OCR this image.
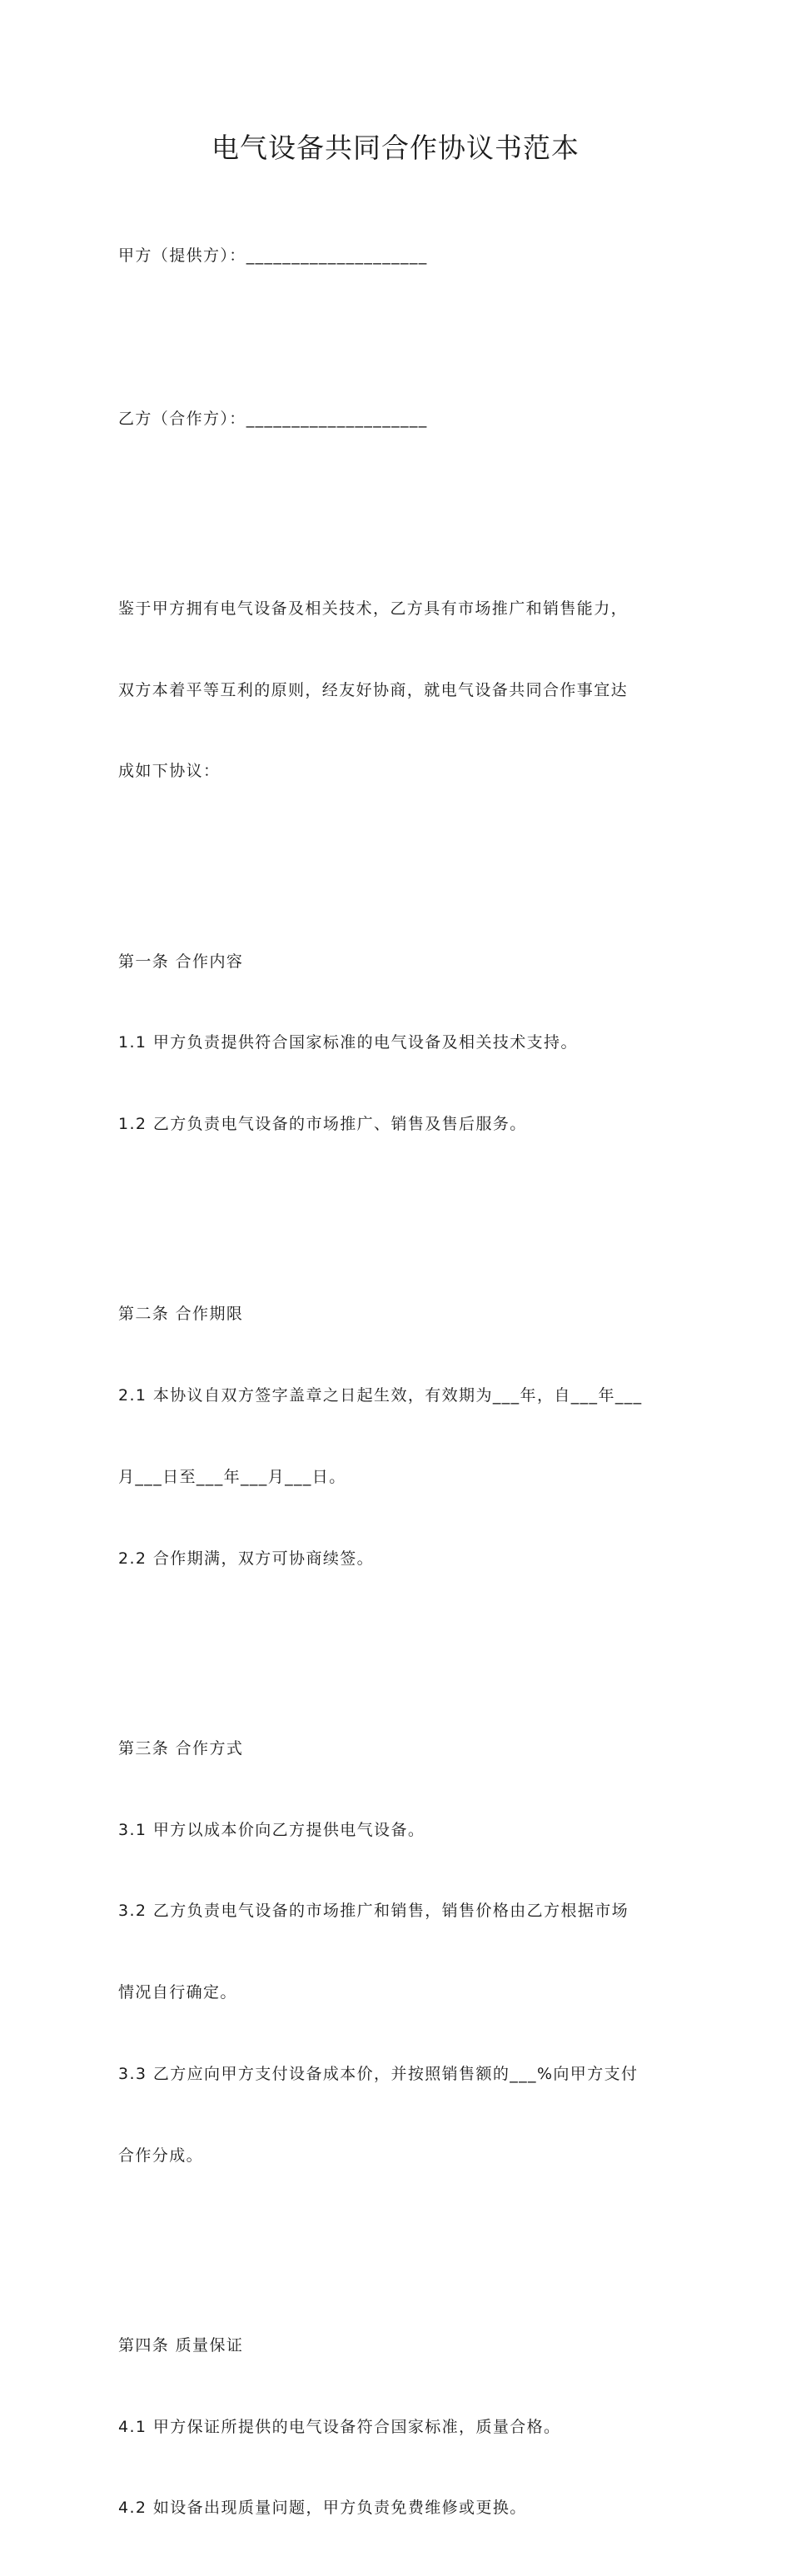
电气设备共同合作协议书范本

甲方（提供方）：____________________

乙方（合作方）：____________________

鉴于甲方拥有电气设备及相关技术，乙方具有市场推广和销售能力，

双方本着平等互利的原则，经友好协商，就电气设备共同合作事宜达

成如下协议：

第一条 合作内容

1.1 甲方负责提供符合国家标准的电气设备及相关技术支持。

1.2 乙方负责电气设备的市场推广、销售及售后服务。

第二条 合作期限

2.1 本协议自双方签字盖章之日起生效，有效期为___年，自___年___

月___日至___年___月___日。

2.2 合作期满，双方可协商续签。

第三条 合作方式

3.1 甲方以成本价向乙方提供电气设备。

3.2 乙方负责电气设备的市场推广和销售，销售价格由乙方根据市场

情况自行确定。

3.3 乙方应向甲方支付设备成本价，并按照销售额的___%向甲方支付

合作分成。

第四条 质量保证

4.1 甲方保证所提供的电气设备符合国家标准，质量合格。

4.2 如设备出现质量问题，甲方负责免费维修或更换。
